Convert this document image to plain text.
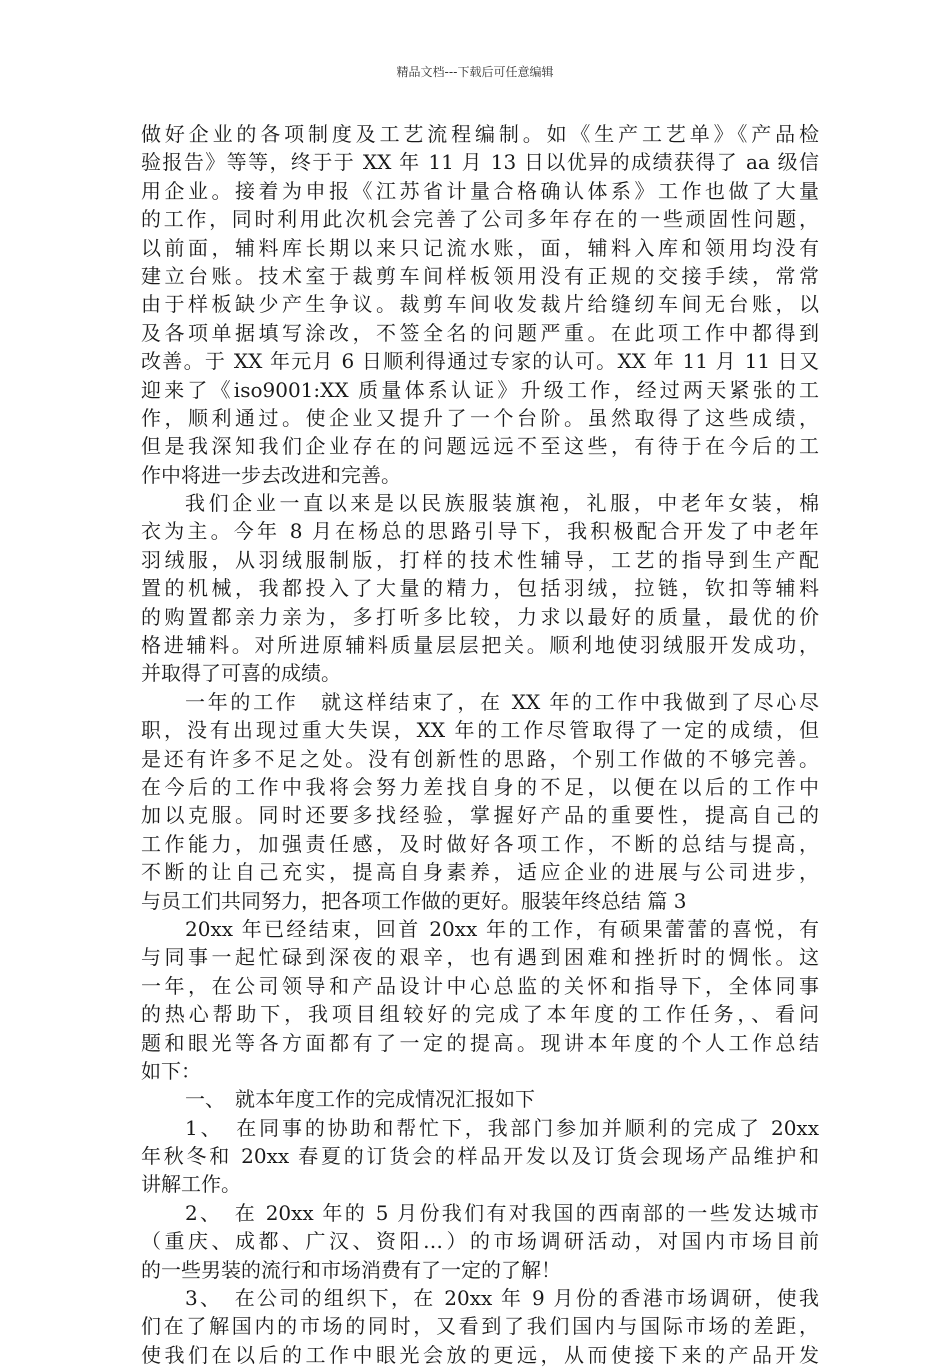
精品文档---下载后可任意编辑
做好企业的各项制度及工艺流程编制。如《生产工艺单》《产品检
验报告》等等，终于于 XX 年 11 月 13 日以优异的成绩获得了 aa 级信
用企业。接着为申报《江苏省计量合格确认体系》工作也做了大量
的工作，同时利用此次机会完善了公司多年存在的一些顽固性问题，
以前面，辅料库长期以来只记流水账，面，辅料入库和领用均没有
建立台账。技术室于裁剪车间样板领用没有正规的交接手续，常常
由于样板缺少产生争议。裁剪车间收发裁片给缝纫车间无台账，以
及各项单据填写涂改，不签全名的问题严重。在此项工作中都得到
改善。于 XX 年元月 6 日顺利得通过专家的认可。XX 年 11 月 11 日又
迎来了《iso9001:XX 质量体系认证》升级工作，经过两天紧张的工
作，顺利通过。使企业又提升了一个台阶。虽然取得了这些成绩，
但是我深知我们企业存在的问题远远不至这些，有待于在今后的工
作中将进一步去改进和完善。
我们企业一直以来是以民族服装旗袍，礼服，中老年女装，棉
衣为主。今年 8 月在杨总的思路引导下，我积极配合开发了中老年
羽绒服，从羽绒服制版，打样的技术性辅导，工艺的指导到生产配
置的机械，我都投入了大量的精力，包括羽绒，拉链，钦扣等辅料
的购置都亲力亲为，多打听多比较，力求以最好的质量，最优的价
格进辅料。对所进原辅料质量层层把关。顺利地使羽绒服开发成功，
并取得了可喜的成绩。
一年的工作　就这样结束了，在 XX 年的工作中我做到了尽心尽
职，没有出现过重大失误，XX 年的工作尽管取得了一定的成绩，但
是还有许多不足之处。没有创新性的思路，个别工作做的不够完善。
在今后的工作中我将会努力差找自身的不足，以便在以后的工作中
加以克服。同时还要多找经验，掌握好产品的重要性，提高自己的
工作能力，加强责任感，及时做好各项工作，不断的总结与提高，
不断的让自己充实，提高自身素养，适应企业的进展与公司进步，
与员工们共同努力，把各项工作做的更好。服装年终总结 篇 3
20xx 年已经结束，回首 20xx 年的工作，有硕果蕾蕾的喜悦，有
与同事一起忙碌到深夜的艰辛，也有遇到困难和挫折时的惆怅。这
一年，在公司领导和产品设计中心总监的关怀和指导下，全体同事
的热心帮助下，我项目组较好的完成了本年度的工作任务，、看问
题和眼光等各方面都有了一定的提高。现讲本年度的个人工作总结
如下：
一、　就本年度工作的完成情况汇报如下
1、　在同事的协助和帮忙下，我部门参加并顺利的完成了 20xx
年秋冬和 20xx 春夏的订货会的样品开发以及订货会现场产品维护和
讲解工作。
2、　在 20xx 年的 5 月份我们有对我国的西南部的一些发达城市
（重庆、成都、广汉、资阳…）的市场调研活动，对国内市场目前
的一些男装的流行和市场消费有了一定的了解！
3、　在公司的组织下，在 20xx 年 9 月份的香港市场调研，使我
们在了解国内的市场的同时，又看到了我们国内与国际市场的差距，
使我们在以后的工作中眼光会放的更远，从而使接下来的产品开发
